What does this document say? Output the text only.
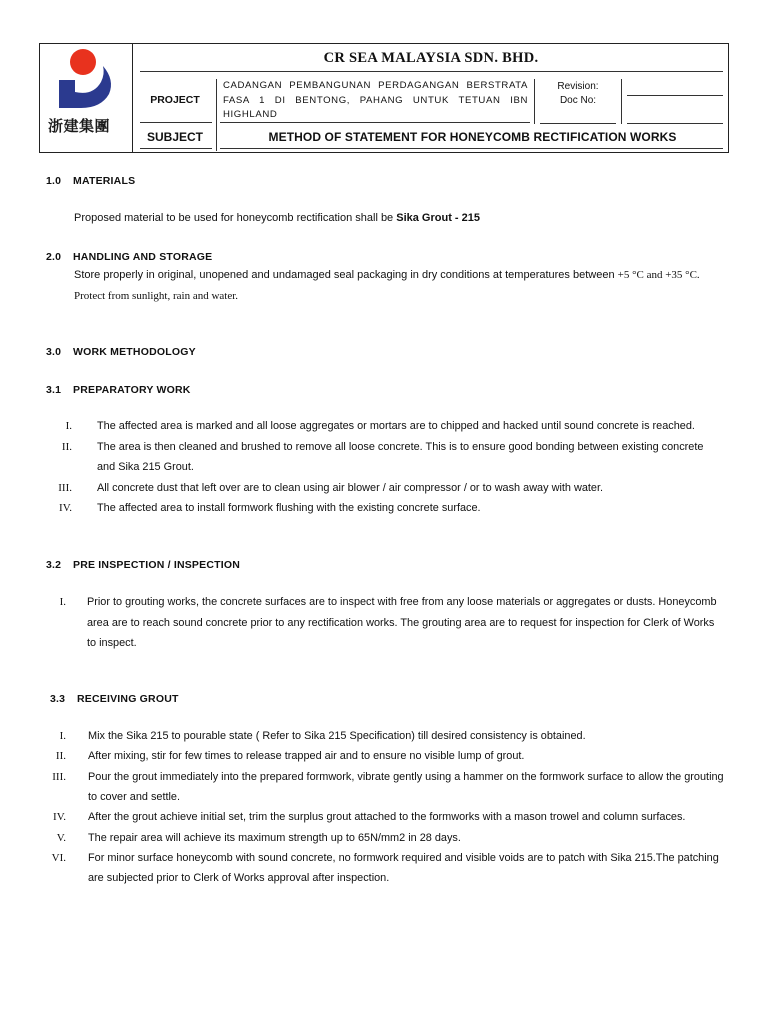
浙建集團
CR SEA MALAYSIA SDN. BHD.
PROJECT
CADANGAN PEMBANGUNAN PERDAGANGAN BERSTRATA FASA 1 DI BENTONG, PAHANG UNTUK TETUAN IBN HIGHLAND
Revision:
Doc No:
SUBJECT	METHOD OF STATEMENT FOR HONEYCOMB RECTIFICATION WORKS
1.0 MATERIALS
Proposed material to be used for honeycomb rectification shall be Sika Grout - 215
2.0 HANDLING AND STORAGE
Store properly in original, unopened and undamaged seal packaging in dry conditions at temperatures between +5 °C and +35 °C.
Protect from sunlight, rain and water.
3.0 WORK METHODOLOGY
3.1 PREPARATORY WORK
I. The affected area is marked and all loose aggregates or mortars are to chipped and hacked until sound concrete is reached.
II. The area is then cleaned and brushed to remove all loose concrete. This is to ensure good bonding between existing concrete
and Sika 215 Grout.
III. All concrete dust that left over are to clean using air blower / air compressor / or to wash away with water.
IV. The affected area to install formwork flushing with the existing concrete surface.
3.2 PRE INSPECTION / INSPECTION
I. Prior to grouting works, the concrete surfaces are to inspect with free from any loose materials or aggregates or dusts. Honeycomb
area are to reach sound concrete prior to any rectification works. The grouting area are to request for inspection for Clerk of Works
to inspect.
3.3 RECEIVING GROUT
I. Mix the Sika 215 to pourable state ( Refer to Sika 215 Specification) till desired consistency is obtained.
II. After mixing, stir for few times to release trapped air and to ensure no visible lump of grout.
III. Pour the grout immediately into the prepared formwork, vibrate gently using a hammer on the formwork surface to allow the grouting
to cover and settle.
IV. After the grout achieve initial set, trim the surplus grout attached to the formworks with a mason trowel and column surfaces.
V. The repair area will achieve its maximum strength up to 65N/mm2 in 28 days.
VI. For minor surface honeycomb with sound concrete, no formwork required and visible voids are to patch with Sika 215.The patching
are subjected prior to Clerk of Works approval after inspection.
